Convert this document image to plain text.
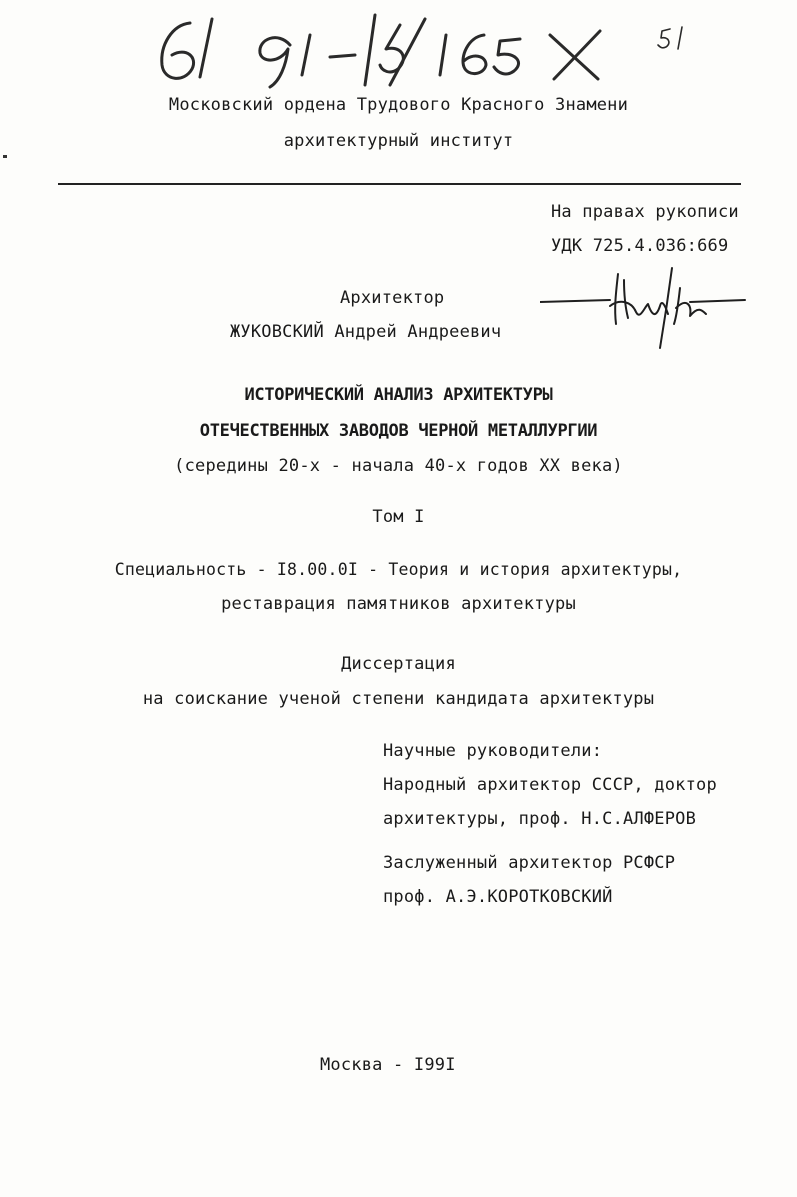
61 91-15/165 X
Московский ордена Трудового Красного Знамени
архитектурный институт
На правах рукописи
УДК 725.4.036:669
Архитектор
ЖУКОВСКИЙ Андрей Андреевич
Жуковский
ИСТОРИЧЕСКИЙ АНАЛИЗ АРХИТЕКТУРЫ
ОТЕЧЕСТВЕННЫХ ЗАВОДОВ ЧЕРНОЙ МЕТАЛЛУРГИИ
(середины 20-х - начала 40-х годов XX века)
Том I
Специальность - I8.00.0I - Теория и история архитектуры,
реставрация памятников архитектуры
Диссертация
на соискание ученой степени кандидата архитектуры
Научные руководители:
Народный архитектор СССР, доктор
архитектуры, проф. Н.С.АЛФЕРОВ
Заслуженный архитектор РСФСР
проф. А.Э.КОРОТКОВСКИЙ
Москва - I99I
